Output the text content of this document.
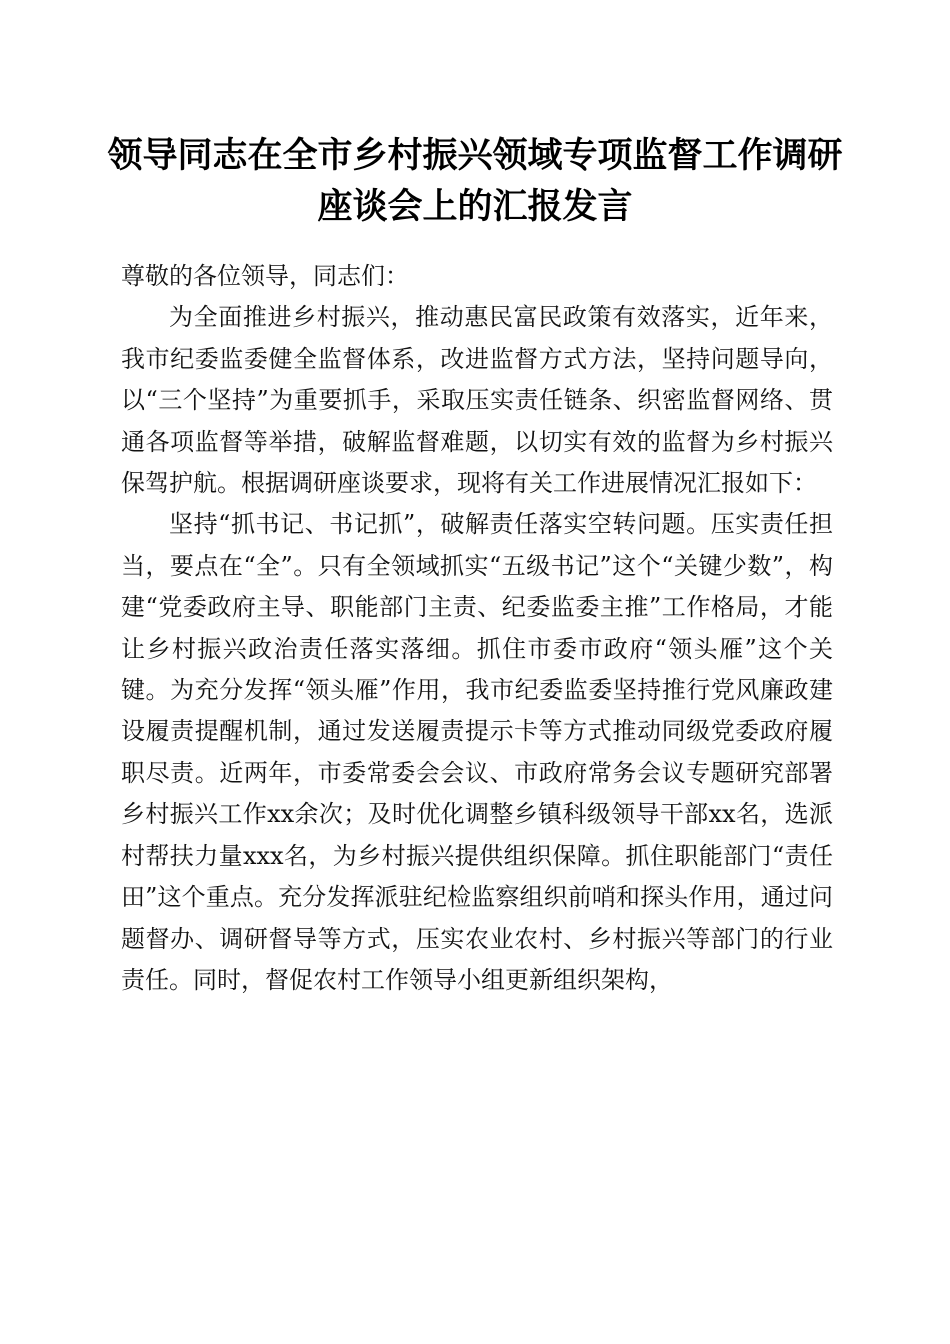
领导同志在全市乡村振兴领域专项监督工作调研座谈会上的汇报发言

尊敬的各位领导，同志们：

为全面推进乡村振兴，推动惠民富民政策有效落实，近年来，我市纪委监委健全监督体系，改进监督方式方法，坚持问题导向，以“三个坚持”为重要抓手，采取压实责任链条、织密监督网络、贯通各项监督等举措，破解监督难题，以切实有效的监督为乡村振兴保驾护航。根据调研座谈要求，现将有关工作进展情况汇报如下：

坚持“抓书记、书记抓”，破解责任落实空转问题。压实责任担当，要点在“全”。只有全领域抓实“五级书记”这个“关键少数”，构建“党委政府主导、职能部门主责、纪委监委主推”工作格局，才能让乡村振兴政治责任落实落细。抓住市委市政府“领头雁”这个关键。为充分发挥“领头雁”作用，我市纪委监委坚持推行党风廉政建设履责提醒机制，通过发送履责提示卡等方式推动同级党委政府履职尽责。近两年，市委常委会会议、市政府常务会议专题研究部署乡村振兴工作xx余次；及时优化调整乡镇科级领导干部xx名，选派村帮扶力量xxx名，为乡村振兴提供组织保障。抓住职能部门“责任田”这个重点。充分发挥派驻纪检监察组织前哨和探头作用，通过问题督办、调研督导等方式，压实农业农村、乡村振兴等部门的行业责任。同时，督促农村工作领导小组更新组织架构，
